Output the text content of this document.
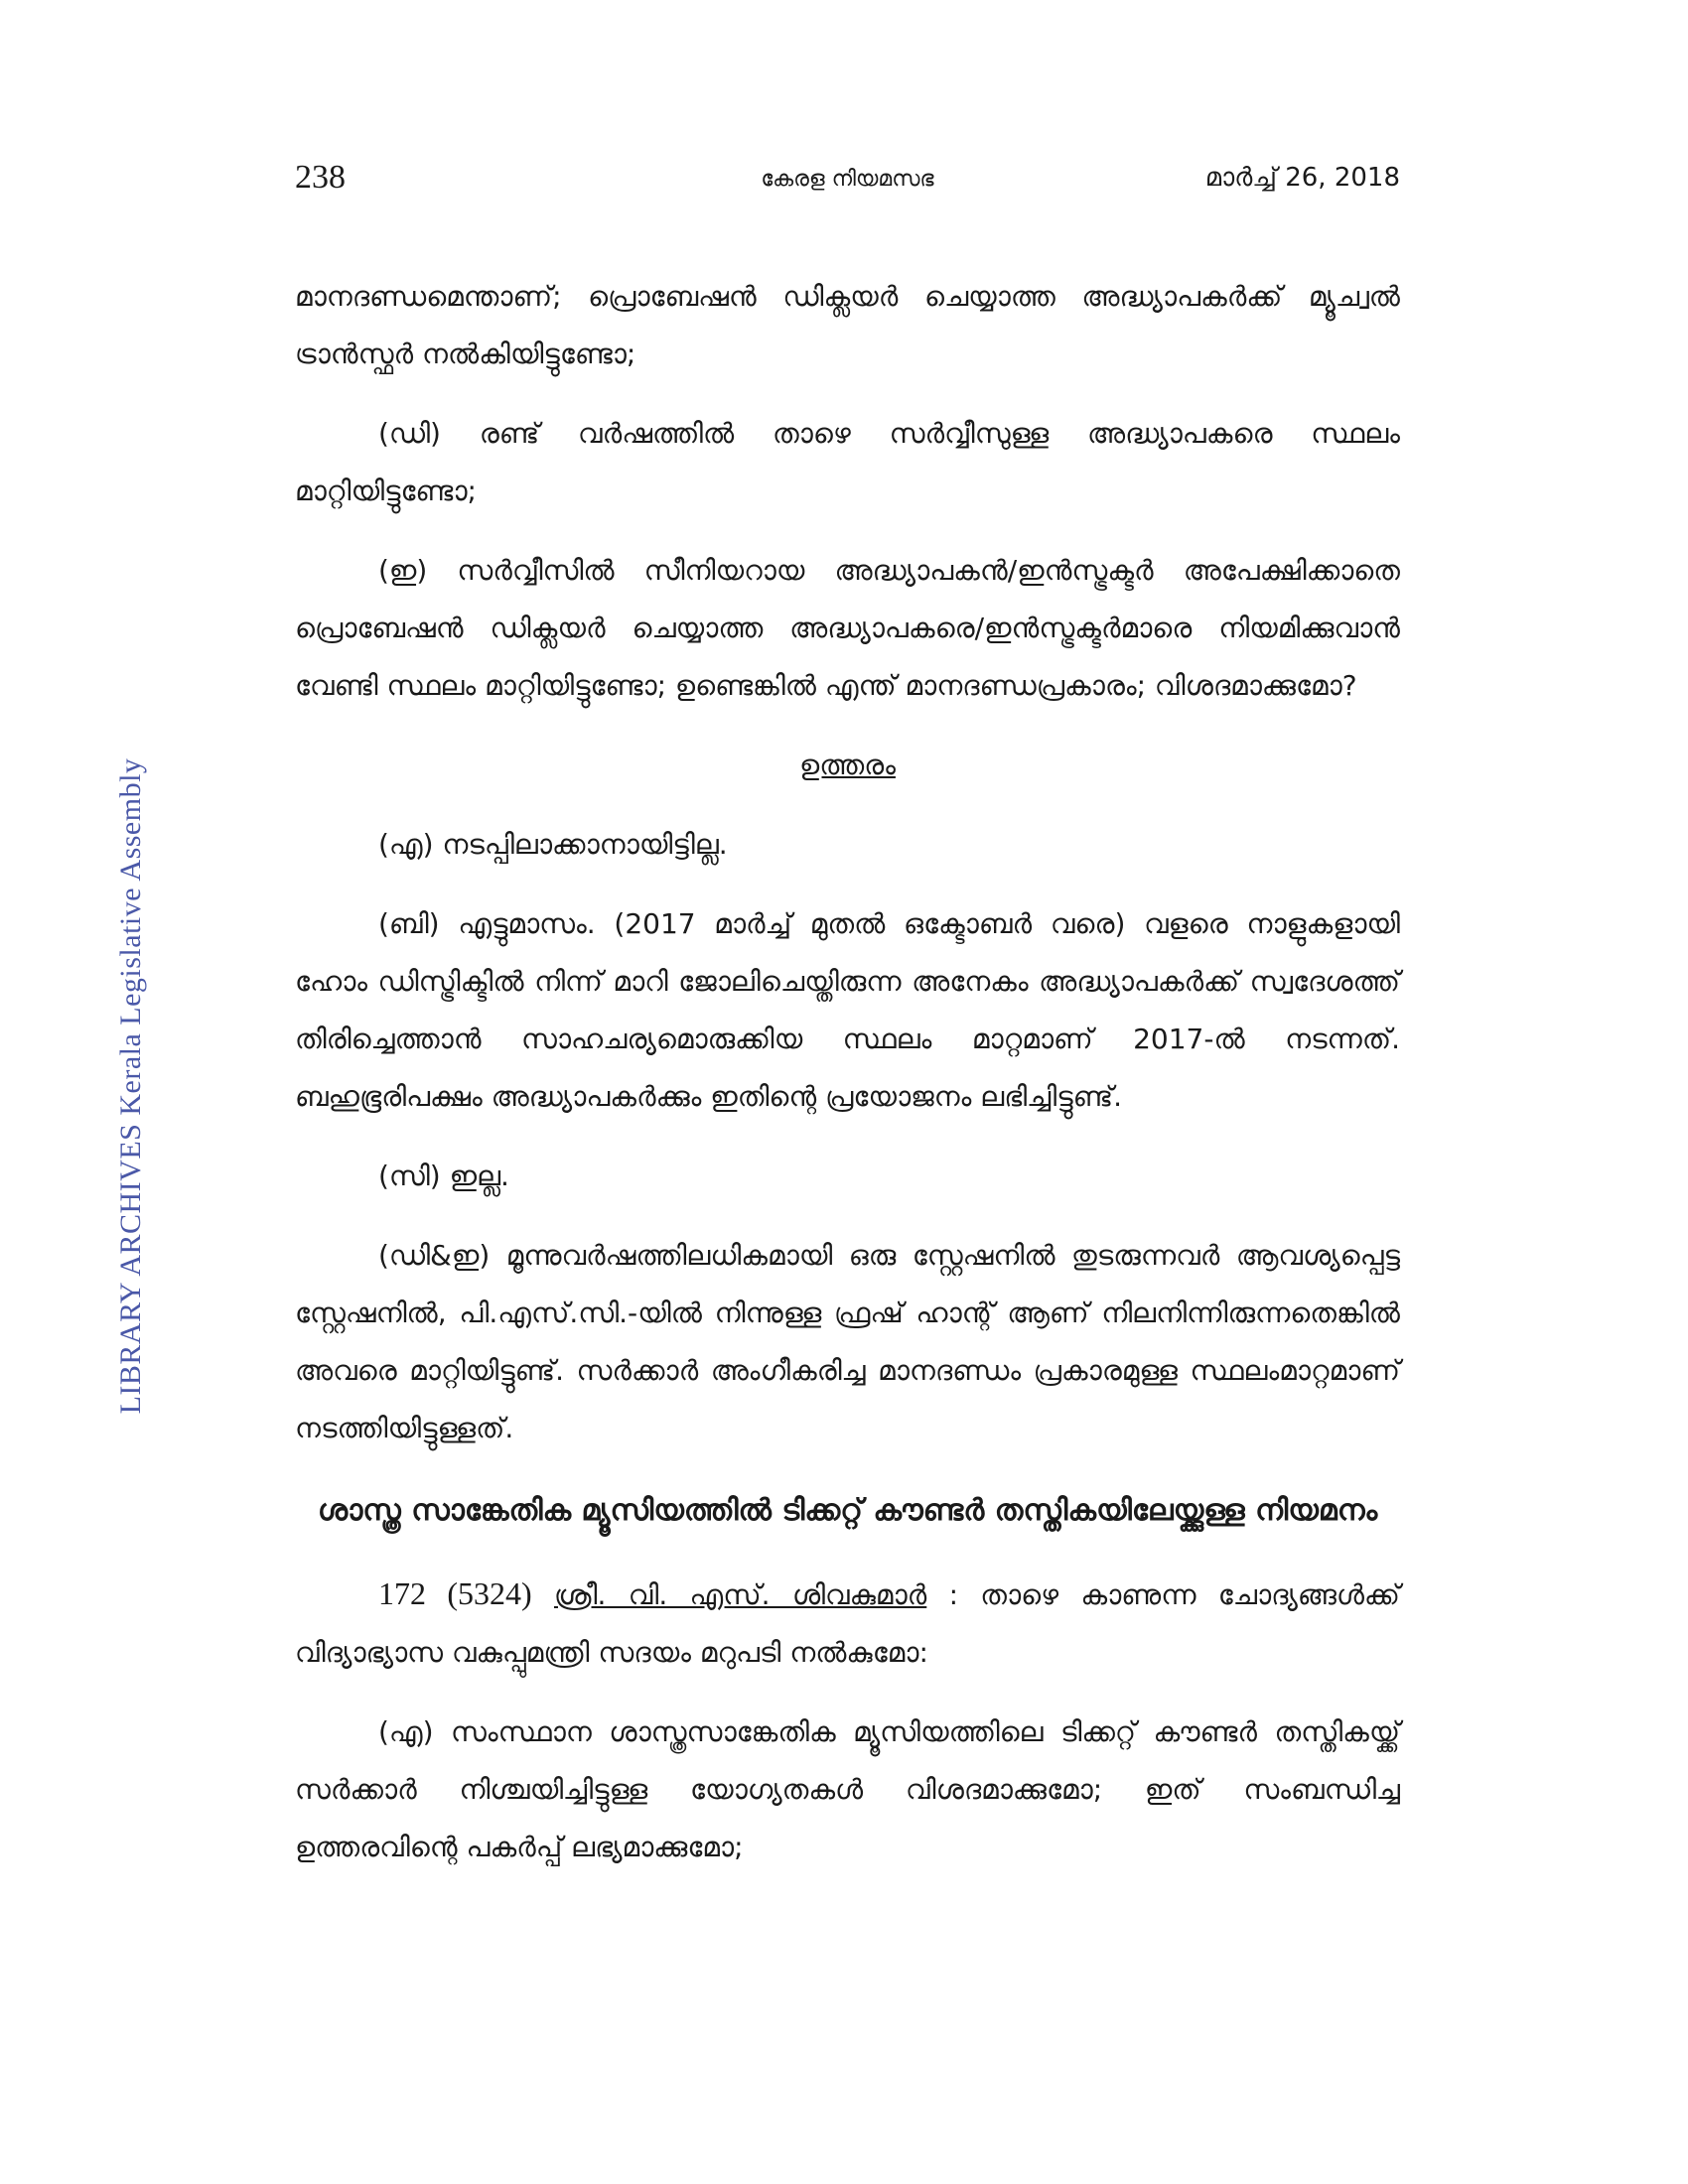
LIBRARY ARCHIVES Kerala Legislative Assembly
238	കേരള നിയമസഭ	മാർച്ച് 26, 2018

മാനദണ്ഡമെന്താണ്; പ്രൊബേഷൻ ഡിക്ലയർ ചെയ്യാത്ത അദ്ധ്യാപകർക്ക് മ്യൂച്വൽ ട്രാൻസ്ഫർ നൽകിയിട്ടുണ്ടോ;

(ഡി) രണ്ട് വർഷത്തിൽ താഴെ സർവ്വീസുള്ള അദ്ധ്യാപകരെ സ്ഥലം മാറ്റിയിട്ടുണ്ടോ;

(ഇ) സർവ്വീസിൽ സീനിയറായ അദ്ധ്യാപകൻ/ഇൻസ്ട്രക്ടർ അപേക്ഷിക്കാതെ പ്രൊബേഷൻ ഡിക്ലയർ ചെയ്യാത്ത അദ്ധ്യാപകരെ/ഇൻസ്ട്രക്ടർമാരെ നിയമിക്കുവാൻ വേണ്ടി സ്ഥലം മാറ്റിയിട്ടുണ്ടോ; ഉണ്ടെങ്കിൽ എന്ത് മാനദണ്ഡപ്രകാരം; വിശദമാക്കുമോ?

ഉത്തരം

(എ) നടപ്പിലാക്കാനായിട്ടില്ല.

(ബി) എട്ടുമാസം. (2017 മാർച്ച് മുതൽ ഒക്ടോബർ വരെ) വളരെ നാളുകളായി ഹോം ഡിസ്ട്രിക്ടിൽ നിന്ന് മാറി ജോലിചെയ്തിരുന്ന അനേകം അദ്ധ്യാപകർക്ക് സ്വദേശത്ത് തിരിച്ചെത്താൻ സാഹചര്യമൊരുക്കിയ സ്ഥലം മാറ്റമാണ് 2017-ൽ നടന്നത്. ബഹുഭൂരിപക്ഷം അദ്ധ്യാപകർക്കും ഇതിന്റെ പ്രയോജനം ലഭിച്ചിട്ടുണ്ട്.

(സി) ഇല്ല.

(ഡി&ഇ) മൂന്നുവർഷത്തിലധികമായി ഒരു സ്റ്റേഷനിൽ തുടരുന്നവർ ആവശ്യപ്പെട്ട സ്റ്റേഷനിൽ, പി.എസ്.സി.-യിൽ നിന്നുള്ള ഫ്രഷ് ഹാന്റ് ആണ് നിലനിന്നിരുന്നതെങ്കിൽ അവരെ മാറ്റിയിട്ടുണ്ട്. സർക്കാർ അംഗീകരിച്ച മാനദണ്ഡം പ്രകാരമുള്ള സ്ഥലംമാറ്റമാണ് നടത്തിയിട്ടുള്ളത്.

ശാസ്ത്ര സാങ്കേതിക മ്യൂസിയത്തിൽ ടിക്കറ്റ് കൗണ്ടർ തസ്തികയിലേയ്ക്കുള്ള നിയമനം

172 (5324) ശ്രീ. വി. എസ്. ശിവകുമാർ : താഴെ കാണുന്ന ചോദ്യങ്ങൾക്ക് വിദ്യാഭ്യാസ വകുപ്പുമന്ത്രി സദയം മറുപടി നൽകുമോ:

(എ) സംസ്ഥാന ശാസ്ത്രസാങ്കേതിക മ്യൂസിയത്തിലെ ടിക്കറ്റ് കൗണ്ടർ തസ്തികയ്ക്ക് സർക്കാർ നിശ്ചയിച്ചിട്ടുള്ള യോഗ്യതകൾ വിശദമാക്കുമോ; ഇത് സംബന്ധിച്ച ഉത്തരവിന്റെ പകർപ്പ് ലഭ്യമാക്കുമോ;
